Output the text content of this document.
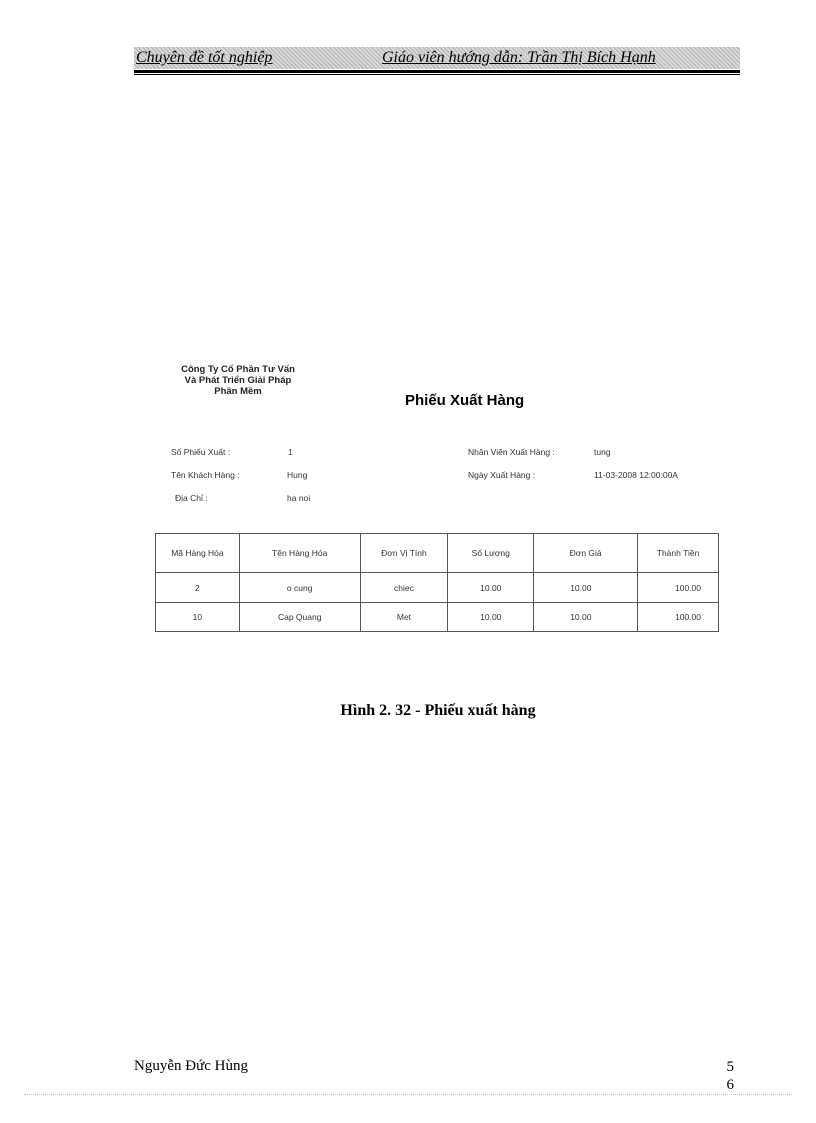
Chuyên đề tốt nghiệp	Giáo viên hướng dẫn: Trần Thị Bích Hạnh
Công Ty Cổ Phần Tư Vấn
Và Phát Triển Giải Pháp
Phần Mềm
Phiếu Xuất Hàng
Số Phiếu Xuất :	1
Tên Khách Hàng :	Hung
Địa Chỉ :	ha noi
Nhân Viên Xuất Hàng :	tung
Ngày Xuất Hàng :	11-03-2008 12:00:00A
Mã Hàng Hóa	Tên Hàng Hóa	Đơn Vị Tính	Số Lượng	Đơn Giá	Thành Tiền
2	o cung	chiec	10.00	10.00	100.00
10	Cap Quang	Met	10.00	10.00	100.00
Hình 2. 32 - Phiếu xuất hàng
Nguyễn Đức Hùng	5
6
